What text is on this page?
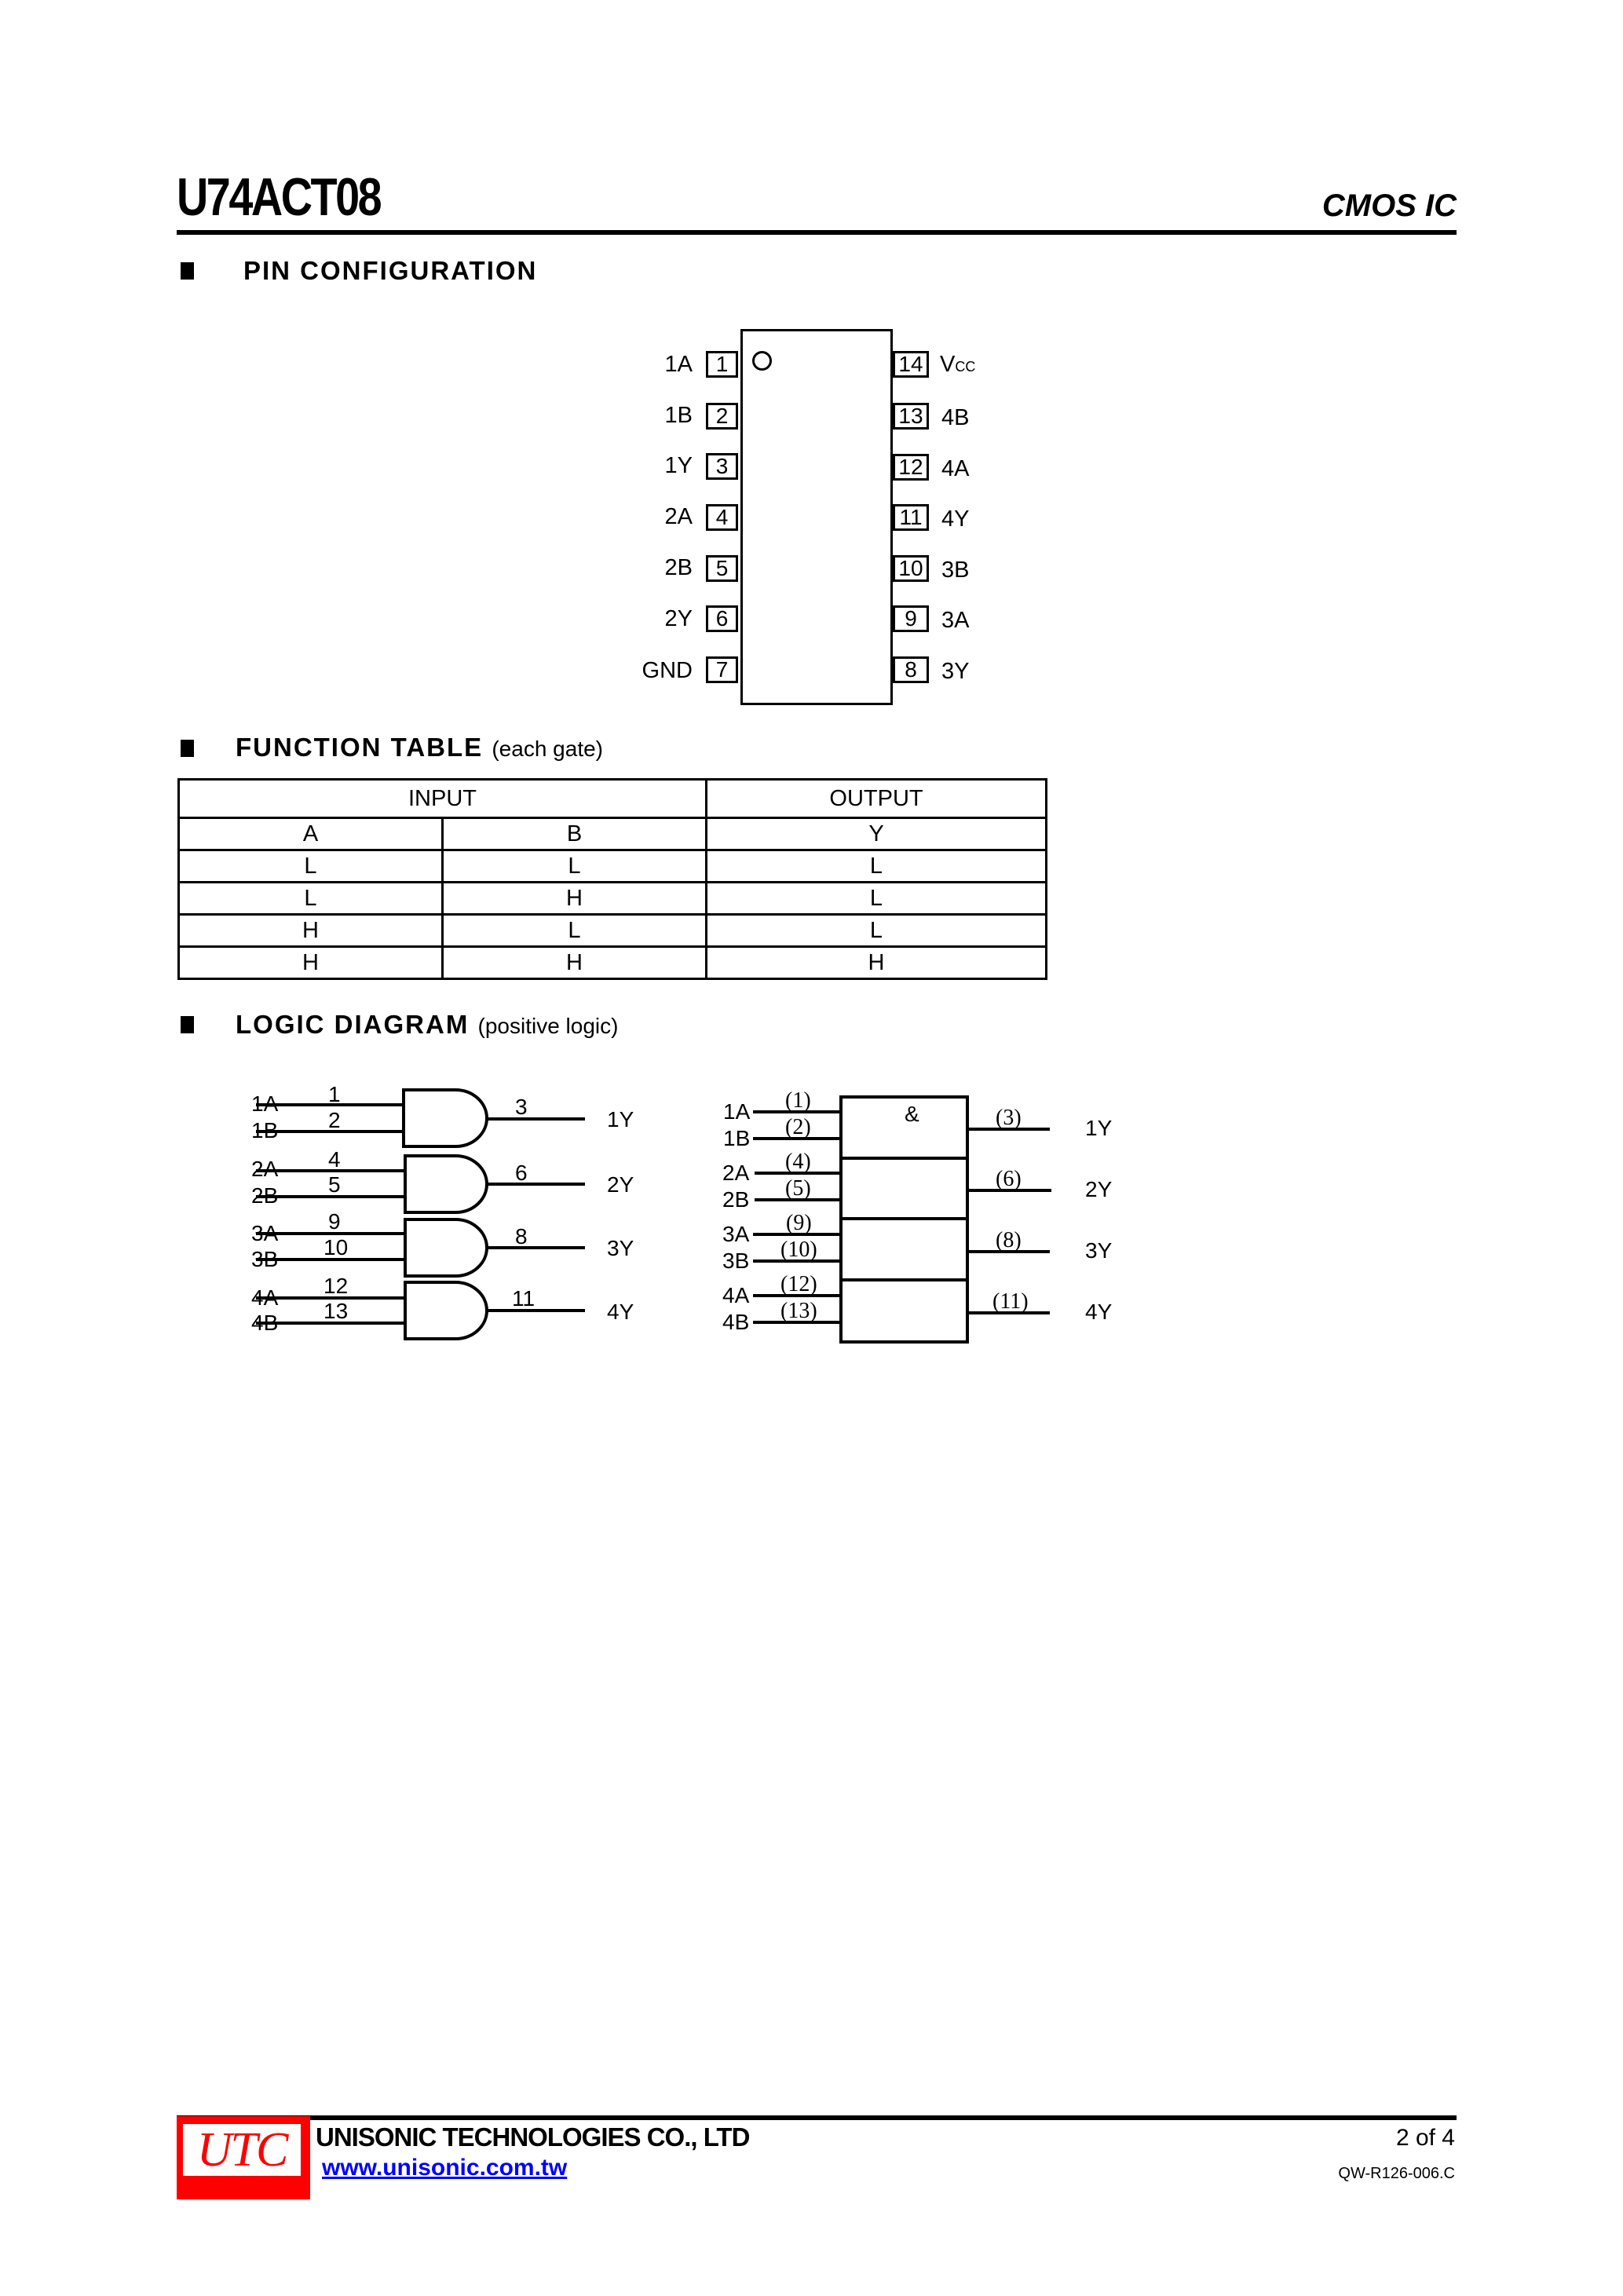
U74ACT08	CMOS IC
PIN CONFIGURATION
1A	1
1B	2
1Y	3
2A	4
2B	5
2Y	6
GND	7
14 VCC
13 4B
12 4A
11 4Y
10 3B
9	3A
8	3Y
FUNCTION TABLE (each gate)
INPUT		OUTPUT
A	B	Y
L	L	L
L	H	L
H	L	L
H	H	H
LOGIC DIAGRAM (positive logic)
1A
1B
1
2
3
1Y
2A
2B
4
5	6	2Y
3A
3B
9
10	8	3Y
4A
4B
12
13
11
4Y
&
1A
1B
(1)
(2)	(3)	1Y
2A
2B
(4)
(5)	(6)	2Y
3A
3B
(9)
(10)	(8)	3Y
4A
4B
(12)
(13)	(11)	4Y
UTC	UNISONIC TECHNOLOGIES CO., LTD
www.unisonic.com.tw
2 of 4
QW-R126-006.C
